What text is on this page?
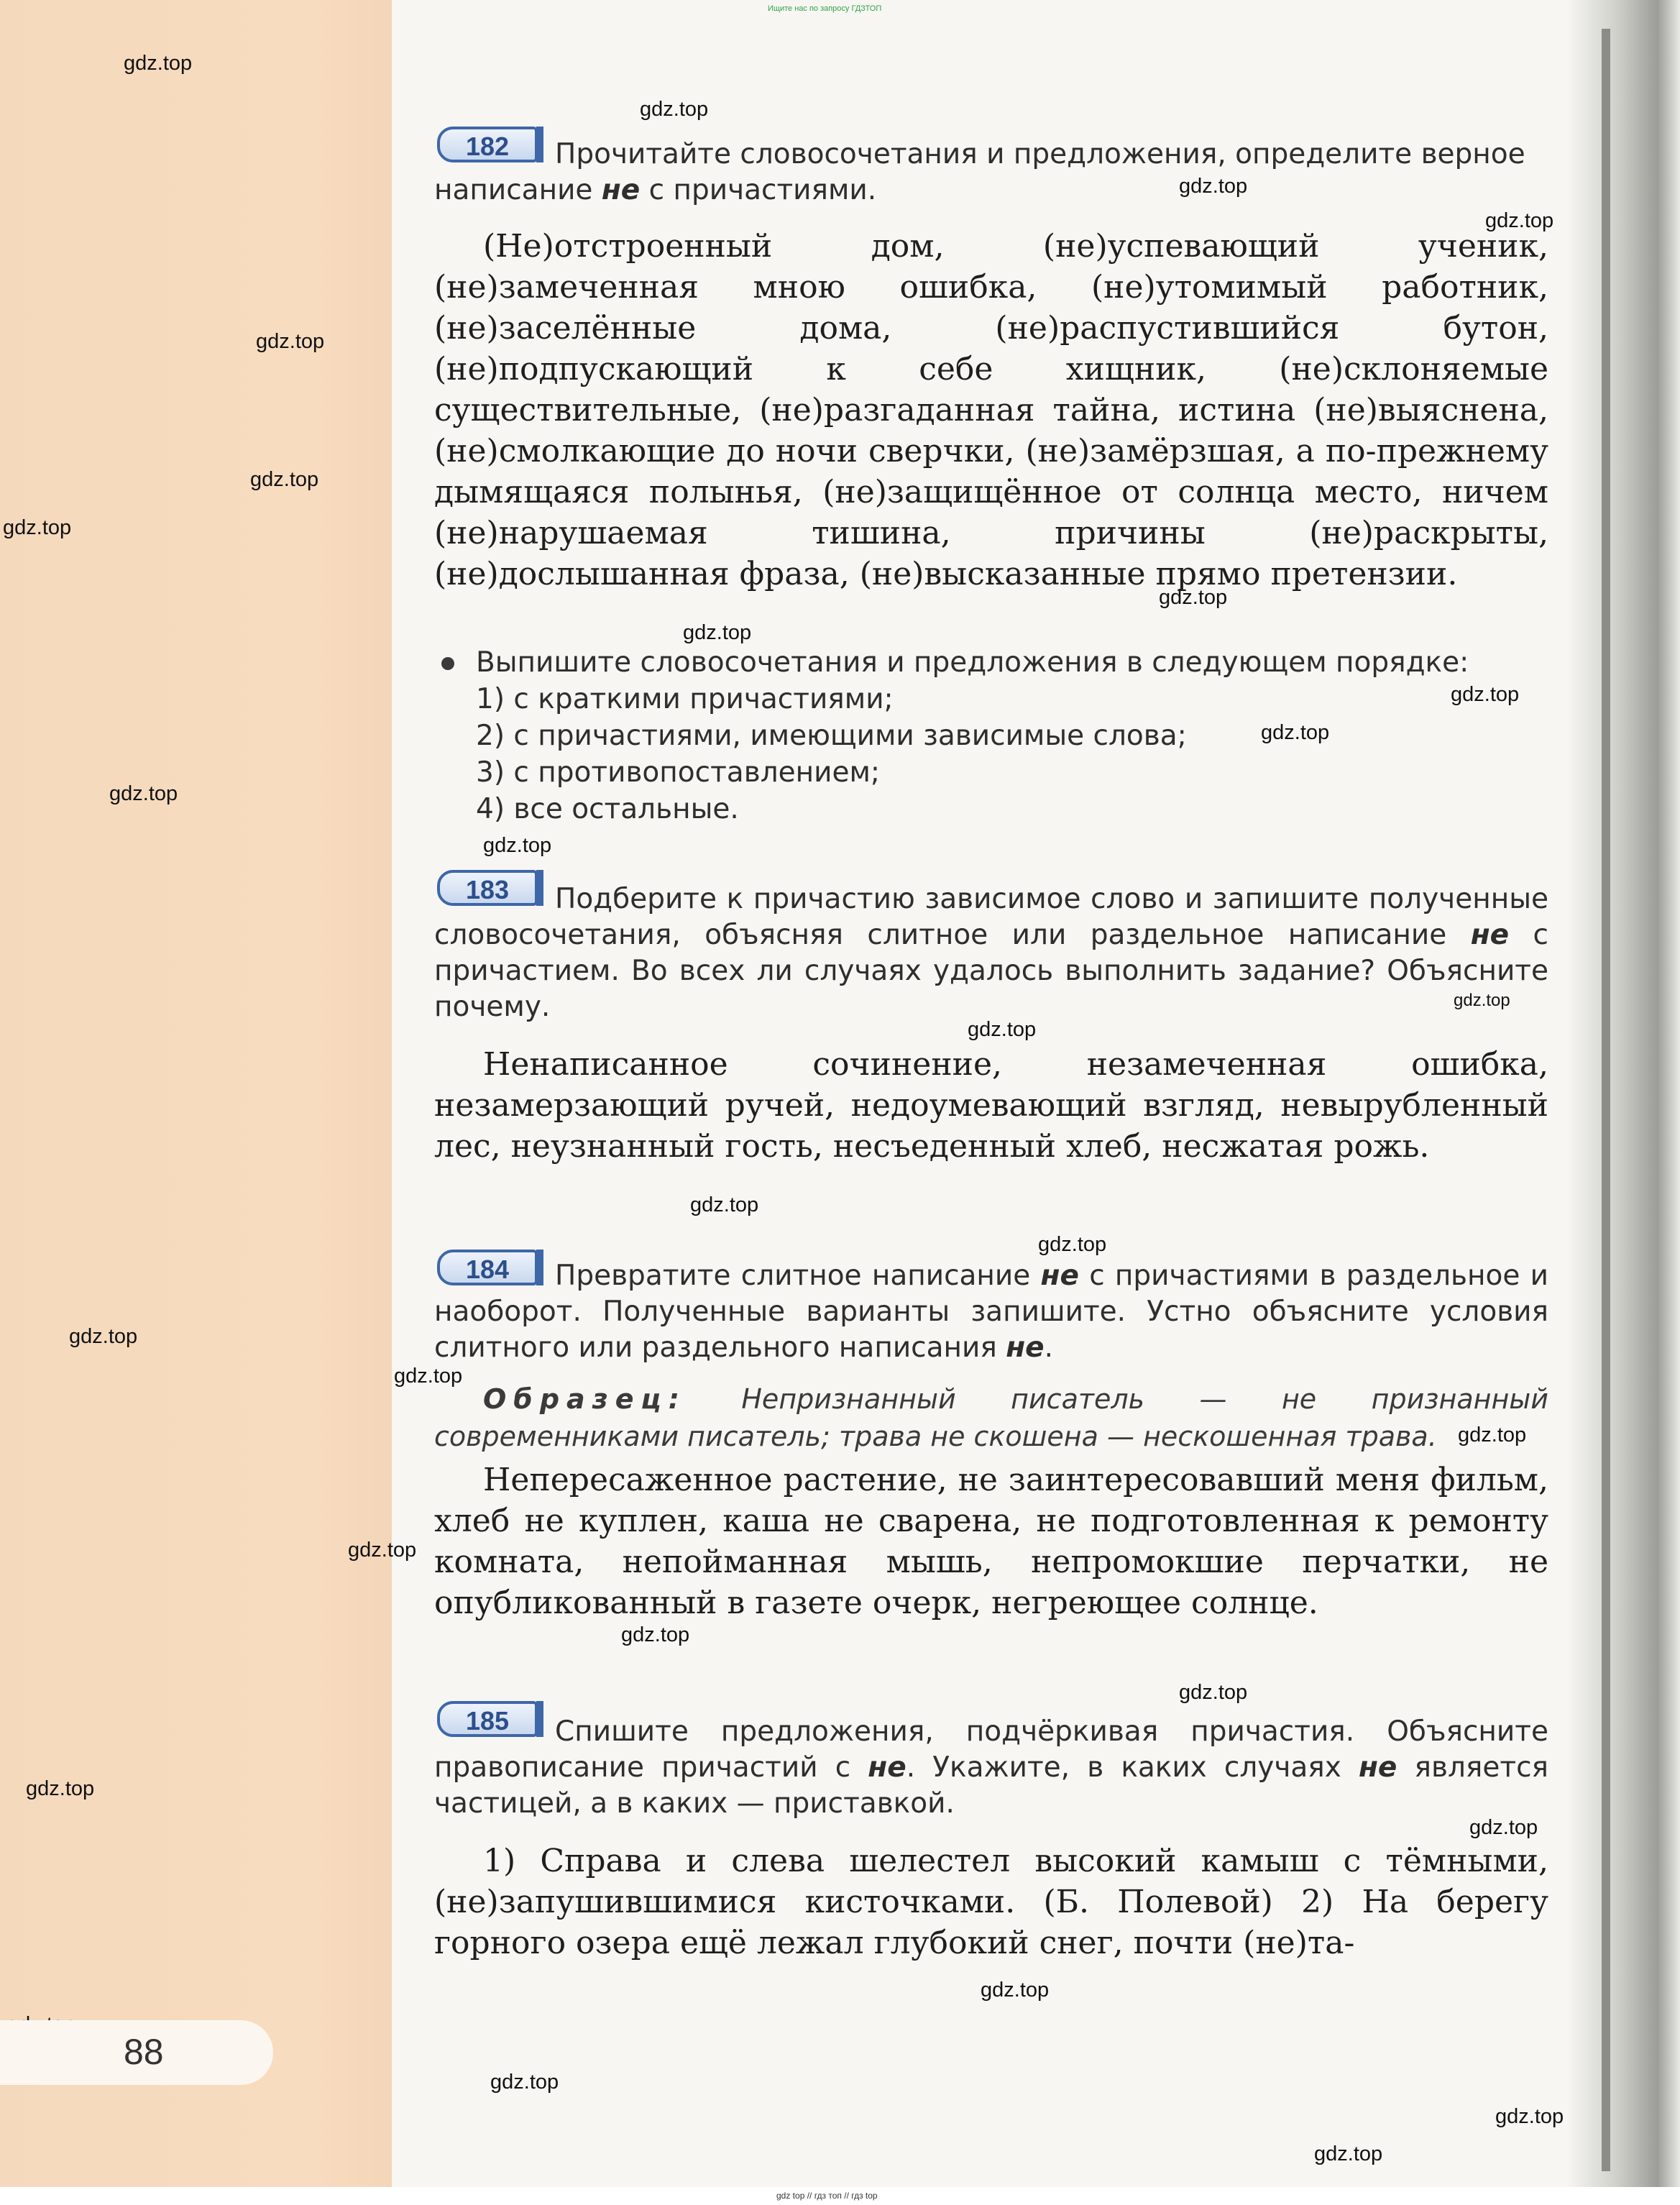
Ищите нас по запросу ГДЗТОП
gdz top // гдз топ // гдз top
gdz.top
gdz.top
gdz.top
gdz.top
gdz.top
gdz.top
gdz.top
gdz.top
gdz.top
gdz.top
gdz.top
gdz.top
gdz.top
gdz.top
gdz.top
gdz.top
gdz.top
gdz.top
gdz.top
gdz.top
gdz.top
gdz.top
gdz.top
gdz.top
gdz.top
gdz.top
gdz.top
gdz.top
gdz.top
182	Прочитайте словосочетания и предложения, определите верное
написание не с причастиями.

(Не)отстроенный дом, (не)успевающий ученик, (не)замеченная мною ошибка, (не)утомимый работник, (не)заселённые дома, (не)распустившийся бутон, (не)подпускающий к себе хищник, (не)склоняемые существительные, (не)разгаданная тайна, истина (не)выяснена, (не)смолкающие до ночи сверчки, (не)замёрзшая, а по-прежнему дымящаяся полынья, (не)защищённое от солнца место, ничем (не)нарушаемая тишина, причины (не)раскрыты, (не)дослышанная фраза, (не)высказанные прямо претензии.

Выпишите словосочетания и предложения в следующем порядке:
1) с краткими причастиями;
2) с причастиями, имеющими зависимые слова;
3) с противопоставлением;
4) все остальные.
183	Подберите к причастию зависимое слово и запишите полученные словосочетания, объясняя слитное или раздельное написание не с причастием. Во всех ли случаях удалось выполнить задание? Объясните почему.

Ненаписанное сочинение, незамеченная ошибка, незамерзающий ручей, недоумевающий взгляд, невырубленный лес, неузнанный гость, несъеденный хлеб, несжатая рожь.

184	Превратите слитное написание не с причастиями в раздельное и наоборот. Полученные варианты запишите. Устно объясните условия слитного или раздельного написания не.

Образец: Непризнанный писатель — не признанный современниками писатель; трава не скошена — нескошенная трава.

Непересаженное растение, не заинтересовавший меня фильм, хлеб не куплен, каша не сварена, не подготовленная к ремонту комната, непойманная мышь, непромокшие перчатки, не опубликованный в газете очерк, негреющее солнце.

185	Спишите предложения, подчёркивая причастия. Объясните правописание причастий с не. Укажите, в каких случаях не является частицей, а в каких — приставкой.

1) Справа и слева шелестел высокий камыш с тёмными, (не)запушившимися кисточками. (Б. Полевой) 2) На берегу горного озера ещё лежал глубокий снег, почти (не)та-

88
